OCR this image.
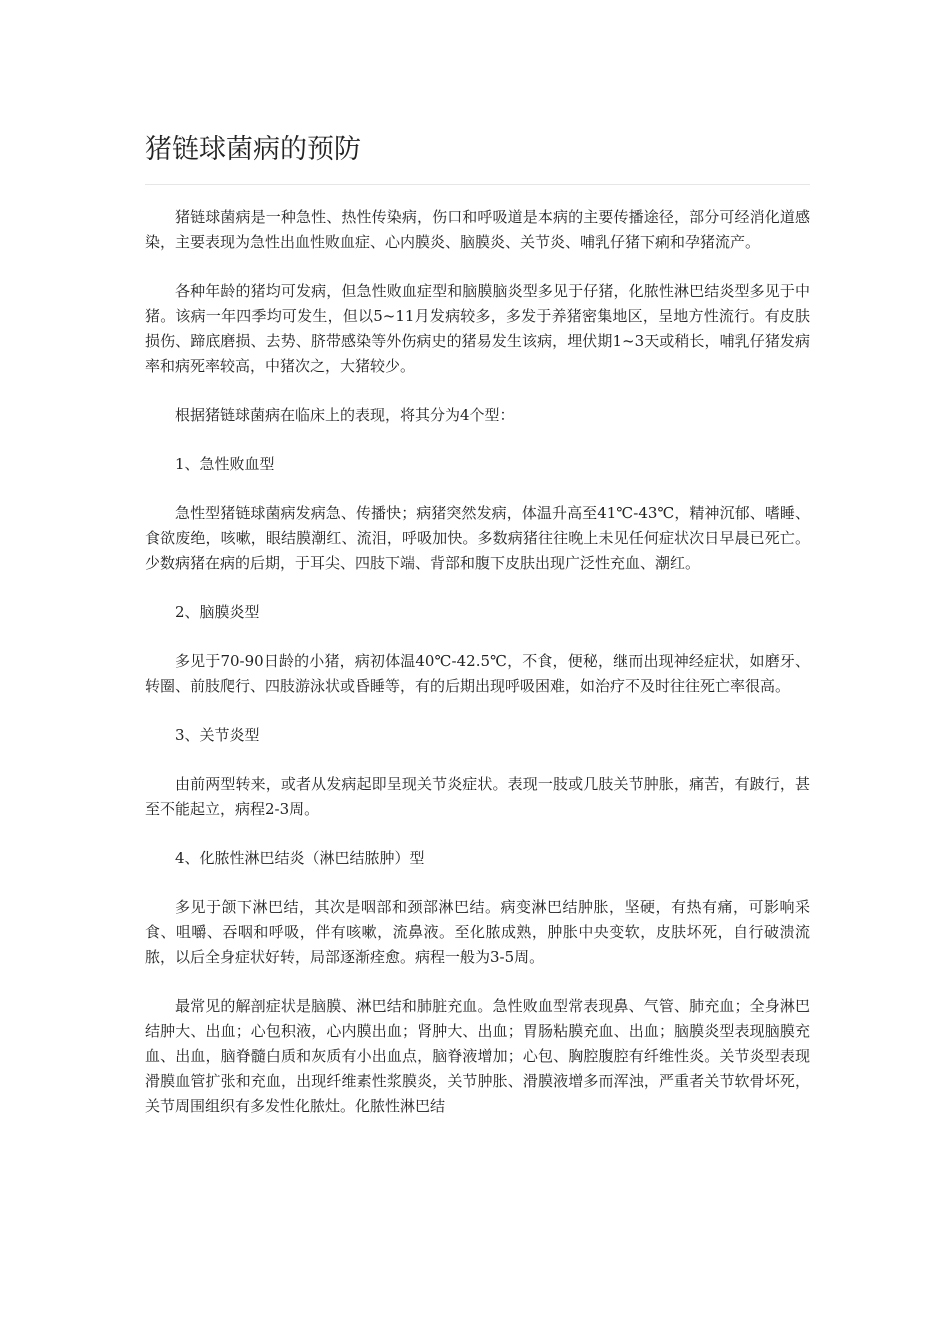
猪链球菌病的预防

猪链球菌病是一种急性、热性传染病，伤口和呼吸道是本病的主要传播途径，部分可经消化道感染，主要表现为急性出血性败血症、心内膜炎、脑膜炎、关节炎、哺乳仔猪下痢和孕猪流产。

各种年龄的猪均可发病，但急性败血症型和脑膜脑炎型多见于仔猪，化脓性淋巴结炎型多见于中猪。该病一年四季均可发生，但以5~11月发病较多，多发于养猪密集地区，呈地方性流行。有皮肤损伤、蹄底磨损、去势、脐带感染等外伤病史的猪易发生该病，埋伏期1~3天或稍长，哺乳仔猪发病率和病死率较高，中猪次之，大猪较少。

根据猪链球菌病在临床上的表现，将其分为4个型：

1、急性败血型

急性型猪链球菌病发病急、传播快；病猪突然发病，体温升高至41℃-43℃，精神沉郁、嗜睡、食欲废绝，咳嗽，眼结膜潮红、流泪，呼吸加快。多数病猪往往晚上未见任何症状次日早晨已死亡。少数病猪在病的后期，于耳尖、四肢下端、背部和腹下皮肤出现广泛性充血、潮红。

2、脑膜炎型

多见于70-90日龄的小猪，病初体温40℃-42.5℃，不食，便秘，继而出现神经症状，如磨牙、转圈、前肢爬行、四肢游泳状或昏睡等，有的后期出现呼吸困难，如治疗不及时往往死亡率很高。

3、关节炎型

由前两型转来，或者从发病起即呈现关节炎症状。表现一肢或几肢关节肿胀，痛苦，有跛行，甚至不能起立，病程2-3周。

4、化脓性淋巴结炎（淋巴结脓肿）型

多见于颌下淋巴结，其次是咽部和颈部淋巴结。病变淋巴结肿胀，坚硬，有热有痛，可影响采食、咀嚼、吞咽和呼吸，伴有咳嗽，流鼻液。至化脓成熟，肿胀中央变软，皮肤坏死，自行破溃流脓，以后全身症状好转，局部逐渐痊愈。病程一般为3-5周。

最常见的解剖症状是脑膜、淋巴结和肺脏充血。急性败血型常表现鼻、气管、肺充血；全身淋巴结肿大、出血；心包积液，心内膜出血；肾肿大、出血；胃肠粘膜充血、出血；脑膜炎型表现脑膜充血、出血，脑脊髓白质和灰质有小出血点，脑脊液增加；心包、胸腔腹腔有纤维性炎。关节炎型表现滑膜血管扩张和充血，出现纤维素性浆膜炎，关节肿胀、滑膜液增多而浑浊，严重者关节软骨坏死，关节周围组织有多发性化脓灶。化脓性淋巴结
